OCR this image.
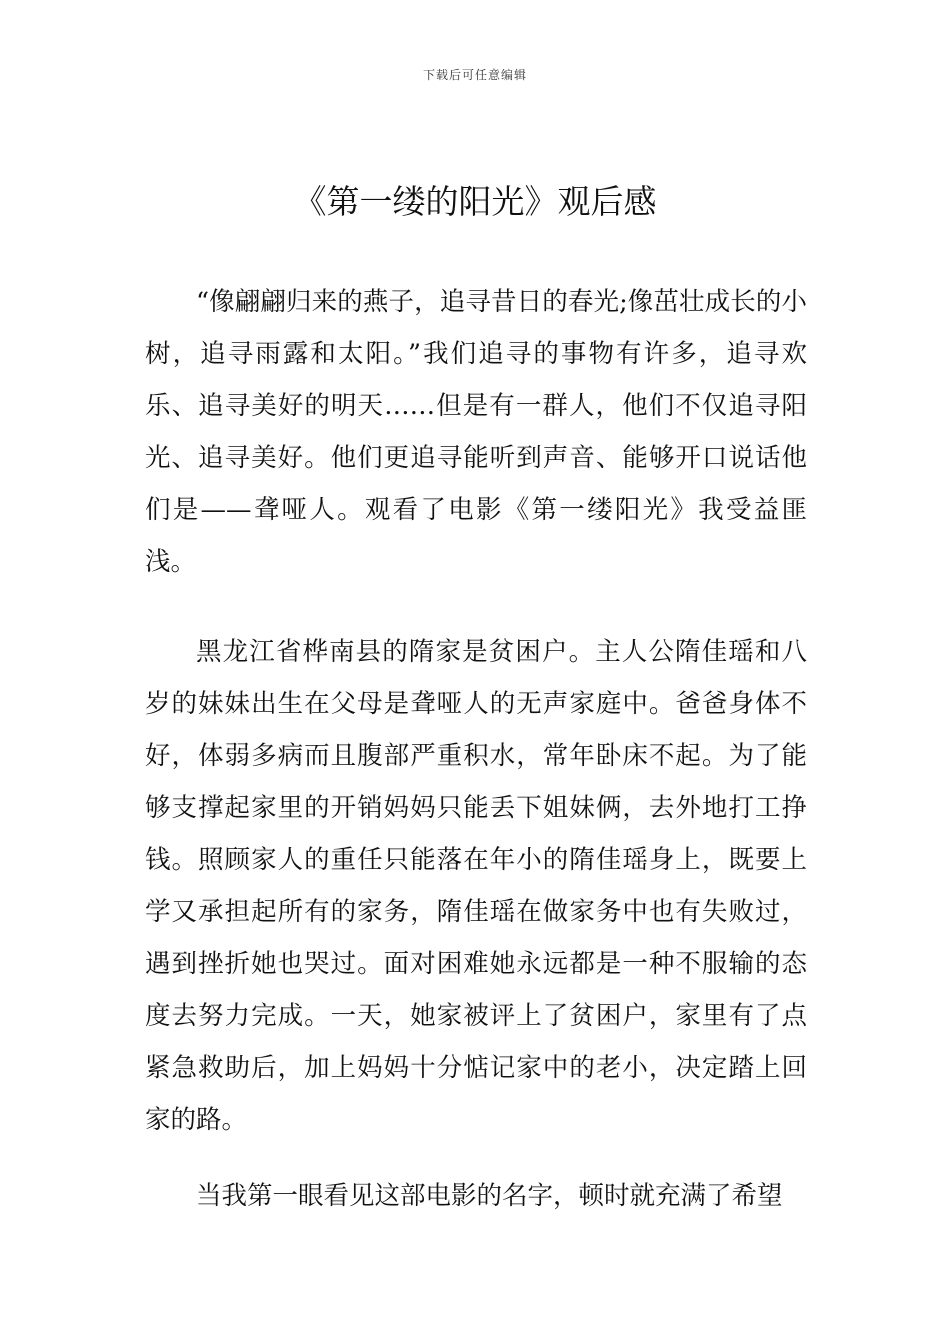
下载后可任意编辑
《第一缕的阳光》观后感

“像翩翩归来的燕子，追寻昔日的春光;像茁壮成长的小树，追寻雨露和太阳。”我们追寻的事物有许多，追寻欢乐、追寻美好的明天……但是有一群人，他们不仅追寻阳光、追寻美好。他们更追寻能听到声音、能够开口说话他们是——聋哑人。观看了电影《第一缕阳光》我受益匪浅。

黑龙江省桦南县的隋家是贫困户。主人公隋佳瑶和八岁的妹妹出生在父母是聋哑人的无声家庭中。爸爸身体不好，体弱多病而且腹部严重积水，常年卧床不起。为了能够支撑起家里的开销妈妈只能丢下姐妹俩，去外地打工挣钱。照顾家人的重任只能落在年小的隋佳瑶身上，既要上学又承担起所有的家务，隋佳瑶在做家务中也有失败过，遇到挫折她也哭过。面对困难她永远都是一种不服输的态度去努力完成。一天，她家被评上了贫困户，家里有了点紧急救助后，加上妈妈十分惦记家中的老小，决定踏上回家的路。

当我第一眼看见这部电影的名字，顿时就充满了希望
